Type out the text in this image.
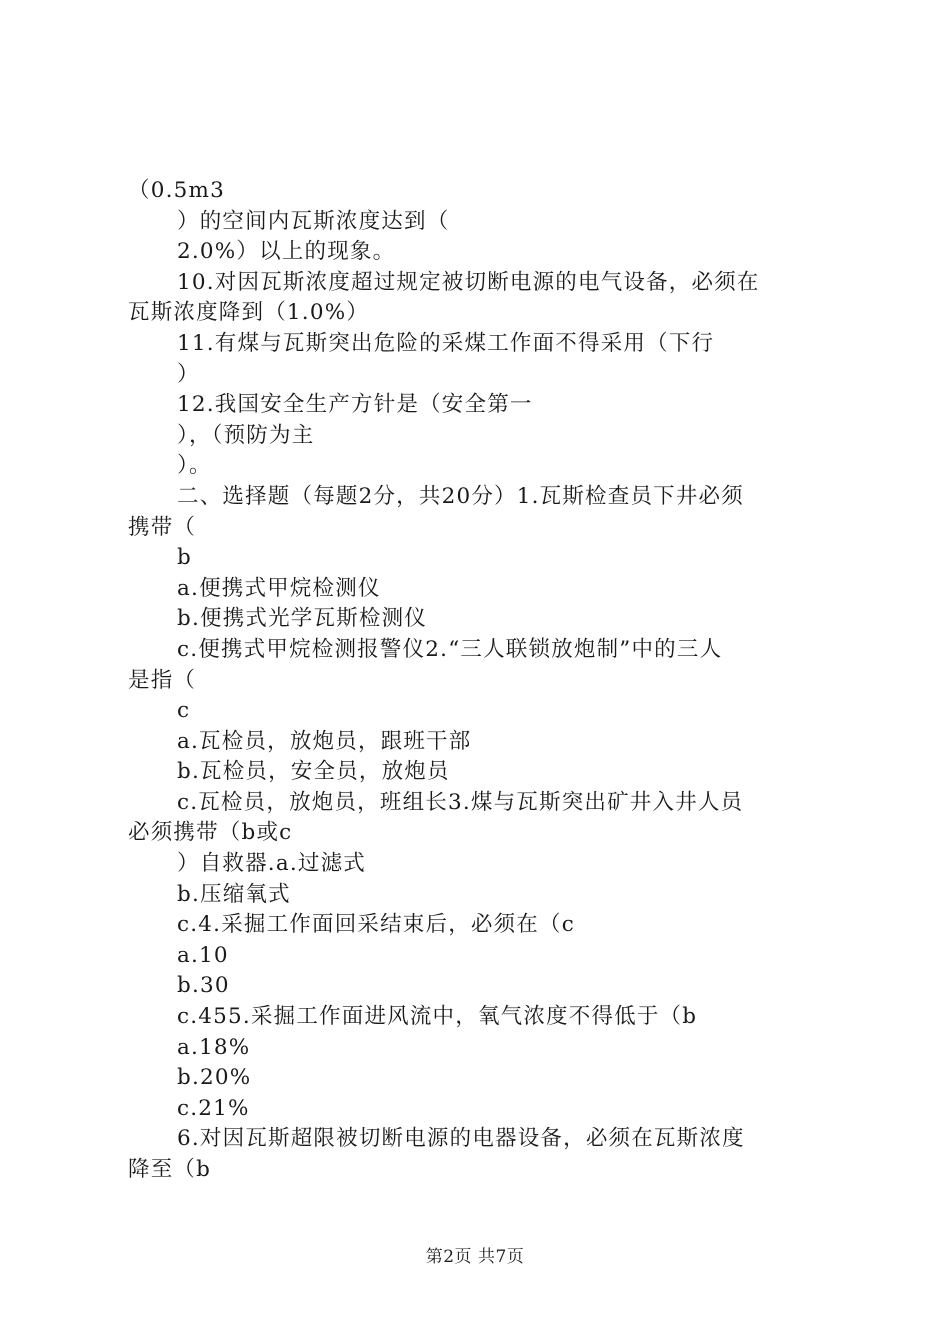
（0.5m3
）的空间内瓦斯浓度达到（
2.0%）以上的现象。
10.对因瓦斯浓度超过规定被切断电源的电气设备，必须在
瓦斯浓度降到（1.0%）
11.有煤与瓦斯突出危险的采煤工作面不得采用（下行
）
12.我国安全生产方针是（安全第一
），（预防为主
）。
二、选择题（每题2分，共20分）1.瓦斯检查员下井必须
携带（
b
a.便携式甲烷检测仪
b.便携式光学瓦斯检测仪
c.便携式甲烷检测报警仪2.“三人联锁放炮制”中的三人
是指（
c
a.瓦检员，放炮员，跟班干部
b.瓦检员，安全员，放炮员
c.瓦检员，放炮员，班组长3.煤与瓦斯突出矿井入井人员
必须携带（b或c
）自救器.a.过滤式
b.压缩氧式
c.4.采掘工作面回采结束后，必须在（c
a.10
b.30
c.455.采掘工作面进风流中，氧气浓度不得低于（b
a.18%
b.20%
c.21%
6.对因瓦斯超限被切断电源的电器设备，必须在瓦斯浓度
降至（b
第2页 共7页
